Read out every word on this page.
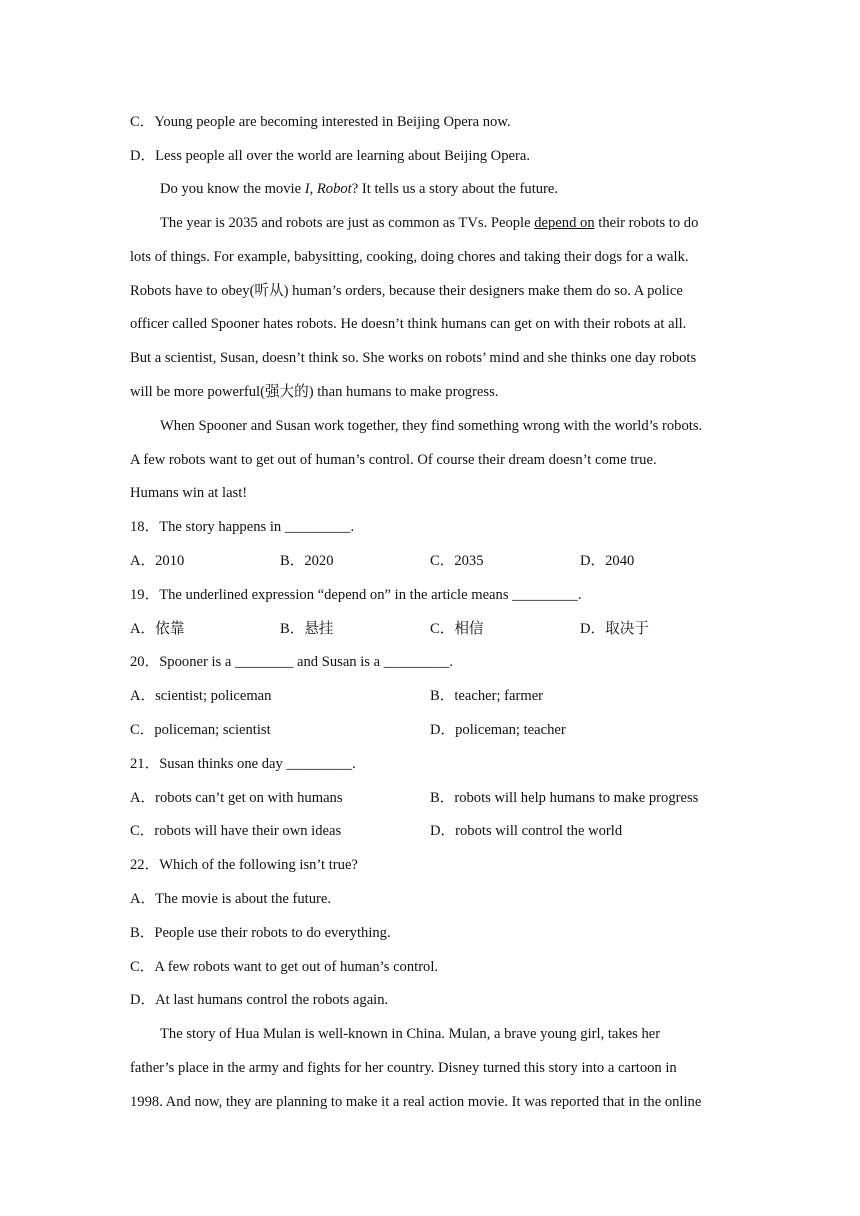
C．Young people are becoming interested in Beijing Opera now.
D．Less people all over the world are learning about Beijing Opera.
Do you know the movie I, Robot? It tells us a story about the future.
The year is 2035 and robots are just as common as TVs. People depend on their robots to do
lots of things. For example, babysitting, cooking, doing chores and taking their dogs for a walk.
Robots have to obey(听从) human’s orders, because their designers make them do so. A police
officer called Spooner hates robots. He doesn’t think humans can get on with their robots at all.
But a scientist, Susan, doesn’t think so. She works on robots’ mind and she thinks one day robots
will be more powerful(强大的) than humans to make progress.
When Spooner and Susan work together, they find something wrong with the world’s robots.
A few robots want to get out of human’s control. Of course their dream doesn’t come true.
Humans win at last!
18．The story happens in _________.
A．2010	B．2020	C．2035	D．2040
19．The underlined expression “depend on” in the article means _________.
A．依靠	B．悬挂	C．相信	D．取决于
20．Spooner is a ________ and Susan is a _________.
A．scientist; policeman	B．teacher; farmer
C．policeman; scientist	D．policeman; teacher
21．Susan thinks one day _________.
A．robots can’t get on with humans	B．robots will help humans to make progress
C．robots will have their own ideas	D．robots will control the world
22．Which of the following isn’t true?
A．The movie is about the future.
B．People use their robots to do everything.
C．A few robots want to get out of human’s control.
D．At last humans control the robots again.
The story of Hua Mulan is well-known in China. Mulan, a brave young girl, takes her
father’s place in the army and fights for her country. Disney turned this story into a cartoon in
1998. And now, they are planning to make it a real action movie. It was reported that in the online
